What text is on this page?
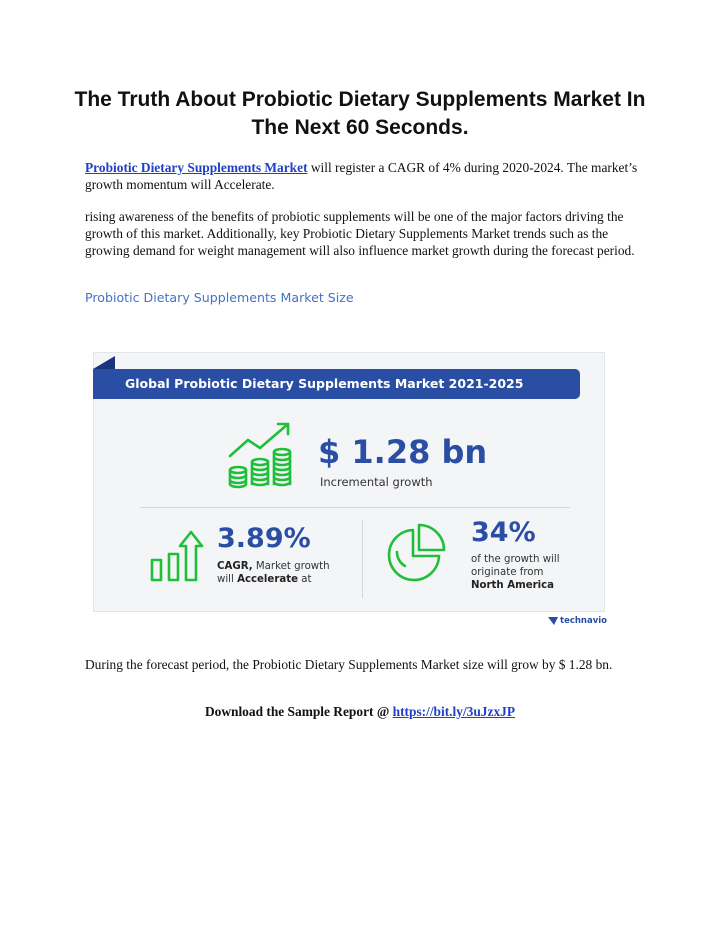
The Truth About Probiotic Dietary Supplements Market In The Next 60 Seconds.

Probiotic Dietary Supplements Market will register a CAGR of 4% during 2020-2024. The market’s growth momentum will Accelerate.

rising awareness of the benefits of probiotic supplements will be one of the major factors driving the growth of this market. Additionally, key Probiotic Dietary Supplements Market trends such as the growing demand for weight management will also influence market growth during the forecast period.

Probiotic Dietary Supplements Market Size
Global Probiotic Dietary Supplements Market 2021-2025
$ 1.28 bn
Incremental growth
3.89%
CAGR, Market growth will Accelerate at
34%
of the growth will originate from
North America
technavio

During the forecast period, the Probiotic Dietary Supplements Market size will grow by $ 1.28 bn.

Download the Sample Report @ https://bit.ly/3uJzxJP
